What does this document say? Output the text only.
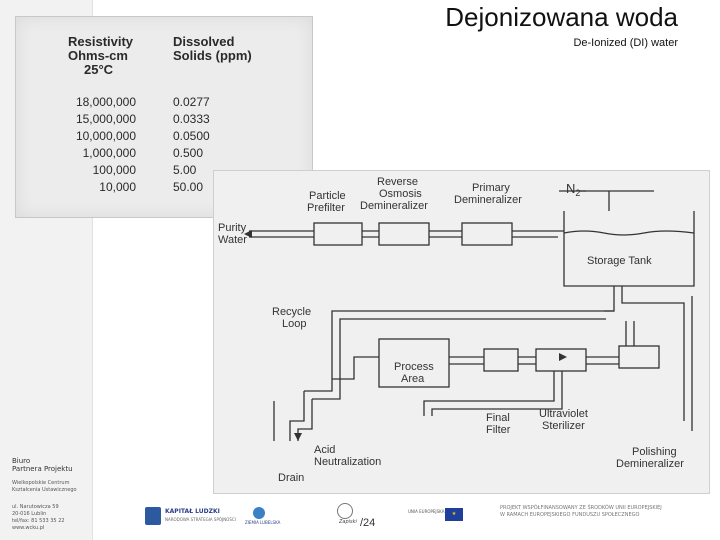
Biuro
Partnera Projektu
Wielkopolskie Centrum
Kształcenia Ustawicznego
ul. Narutowicza 59
20-016 Lublin
tel/fax: 81 533 35 22
www.wcku.pl
Dejonizowana woda
De-Ionized (DI) water
Resistivity
Ohms-cm
25°C
Dissolved
Solids (ppm)
18,000,000
15,000,000
10,000,000
1,000,000
100,000
10,000
0.0277
0.0333
0.0500
0.500
5.00
50.00
Purity Water
Particle Prefilter
Reverse Osmosis Demineralizer
Primary Demineralizer
$N_2$
Storage Tank
Recycle Loop
Process Area
Final Filter
Ultraviolet Sterilizer
Acid Neutralization
Polishing Demineralizer
Drain
KAPITAŁ LUDZKI
NARODOWA STRATEGIA SPÓJNOŚCI
ZIEMIA LUBELSKA	Zapiski /24
UNIA EUROPEJSKA	★
PROJEKT WSPÓŁFINANSOWANY ZE ŚRODKÓW UNII EUROPEJSKIEJ
W RAMACH EUROPEJSKIEGO FUNDUSZU SPOŁECZNEGO
